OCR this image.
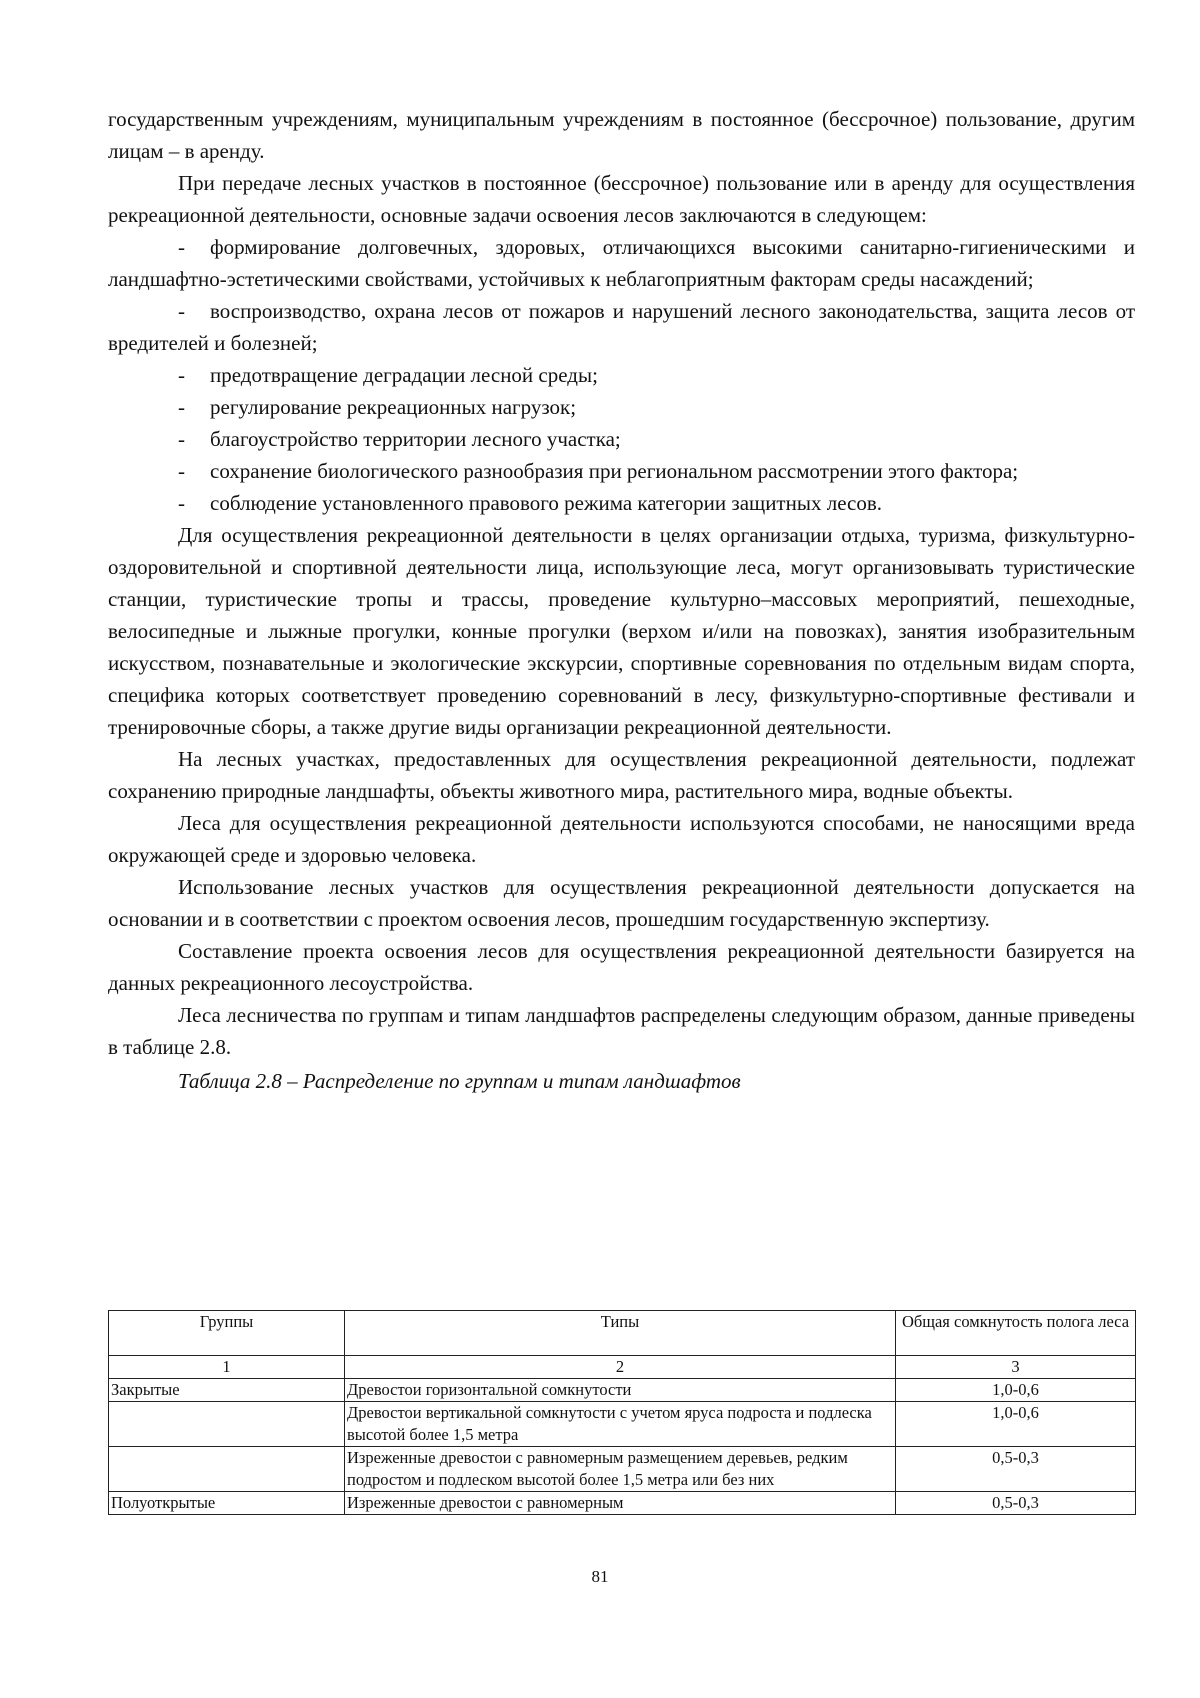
государственным учреждениям, муниципальным учреждениям в постоянное (бессрочное) пользование, другим лицам – в аренду.

При передаче лесных участков в постоянное (бессрочное) пользование или в аренду для осуществления рекреационной деятельности, основные задачи освоения лесов заключаются в следующем:

- формирование долговечных, здоровых, отличающихся высокими санитарно-гигиеническими и ландшафтно-эстетическими свойствами, устойчивых к неблагоприятным факторам среды насаждений;

- воспроизводство, охрана лесов от пожаров и нарушений лесного законодательства, защита лесов от вредителей и болезней;

- предотвращение деградации лесной среды;

- регулирование рекреационных нагрузок;

- благоустройство территории лесного участка;

- сохранение биологического разнообразия при региональном рассмотрении этого фактора;

- соблюдение установленного правового режима категории защитных лесов.

Для осуществления рекреационной деятельности в целях организации отдыха, туризма, физкультурно-оздоровительной и спортивной деятельности лица, использующие леса, могут организовывать туристические станции, туристические тропы и трассы, проведение культурно–массовых мероприятий, пешеходные, велосипедные и лыжные прогулки, конные прогулки (верхом и/или на повозках), занятия изобразительным искусством, познавательные и экологические экскурсии, спортивные соревнования по отдельным видам спорта, специфика которых соответствует проведению соревнований в лесу, физкультурно-спортивные фестивали и тренировочные сборы, а также другие виды организации рекреационной деятельности.

На лесных участках, предоставленных для осуществления рекреационной деятельности, подлежат сохранению природные ландшафты, объекты животного мира, растительного мира, водные объекты.

Леса для осуществления рекреационной деятельности используются способами, не наносящими вреда окружающей среде и здоровью человека.

Использование лесных участков для осуществления рекреационной деятельности допускается на основании и в соответствии с проектом освоения лесов, прошедшим государственную экспертизу.

Составление проекта освоения лесов для осуществления рекреационной деятельности базируется на данных рекреационного лесоустройства.

Леса лесничества по группам и типам ландшафтов распределены следующим образом, данные приведены в таблице 2.8.

Таблица 2.8 – Распределение по группам и типам ландшафтов

Группы	Типы	Общая сомкнутость полога леса
1	2	3
Закрытые	Древостои горизонтальной сомкнутости	1,0-0,6
	Древостои вертикальной сомкнутости с учетом яруса подроста и подлеска высотой более 1,5 метра	1,0-0,6
	Изреженные древостои с равномерным размещением деревьев, редким подростом и подлеском высотой более 1,5 метра или без них	0,5-0,3
Полуоткрытые	Изреженные древостои с равномерным	0,5-0,3
81
